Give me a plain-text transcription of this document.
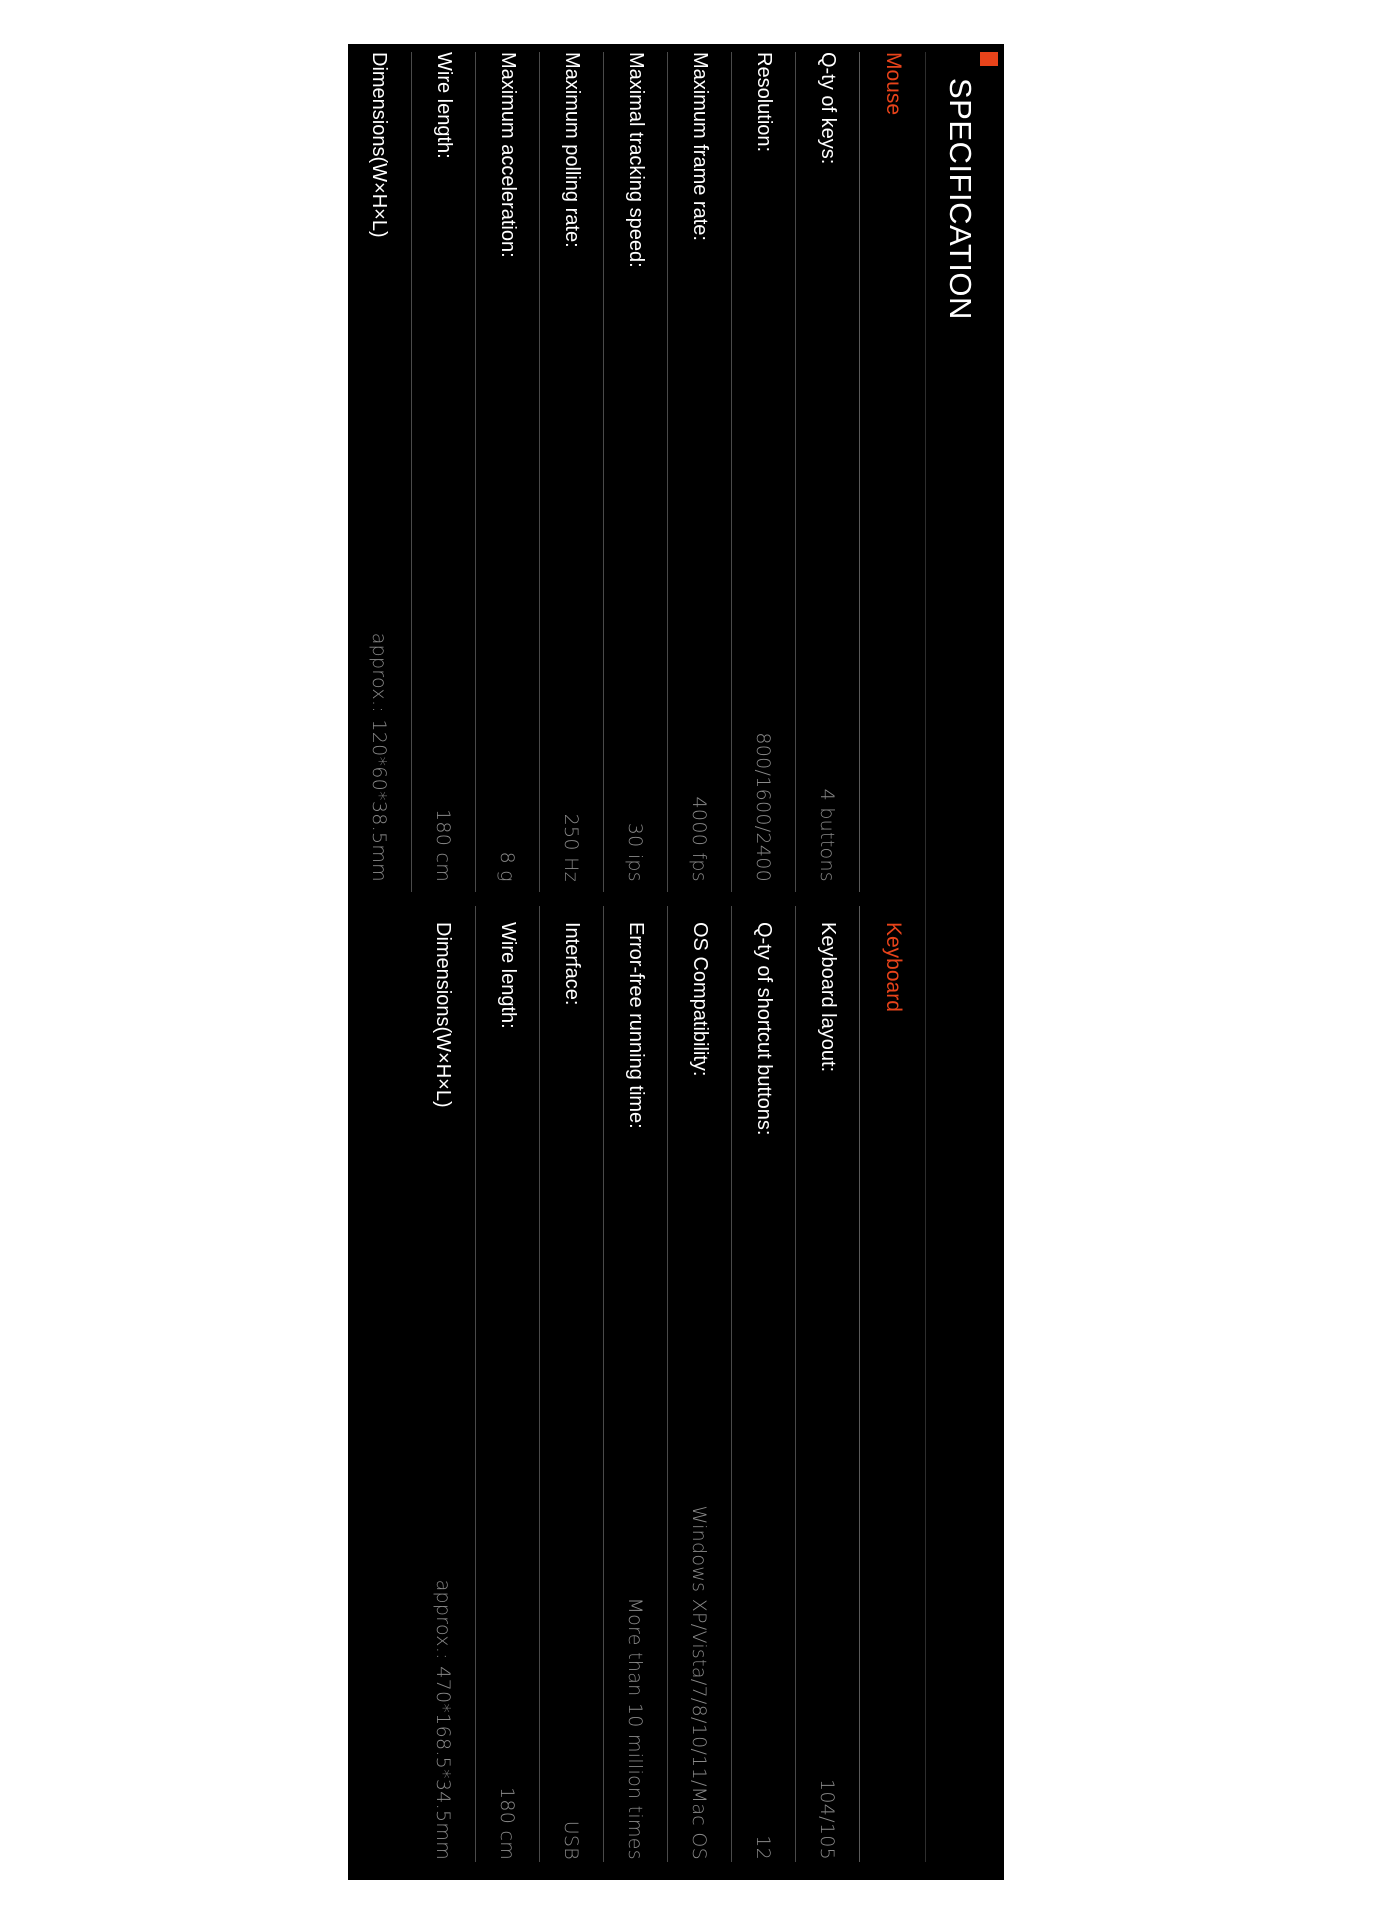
SPECIFICATION
Mouse
Q-ty of keys:
4 buttons
Resolution:
800/1600/2400
Maximum frame rate:
4000 fps
Maximal tracking speed:
30 ips
Maximum polling rate:
250 Hz
Maximum acceleration:
8 g
Wire length:
180 cm
Dimensions(W×H×L)
approx.: 120*60*38.5mm
Keyboard
Keyboard layout:
104/105
Q-ty of shortcut buttons:
12
OS Compatibility:
Windows XP/Vista/7/8/10/11/Mac OS
Error-free running time:
More than 10 million times
Interface:
USB
Wire length:
180 cm
Dimensions(W×H×L)
approx.: 470*168.5*34.5mm
